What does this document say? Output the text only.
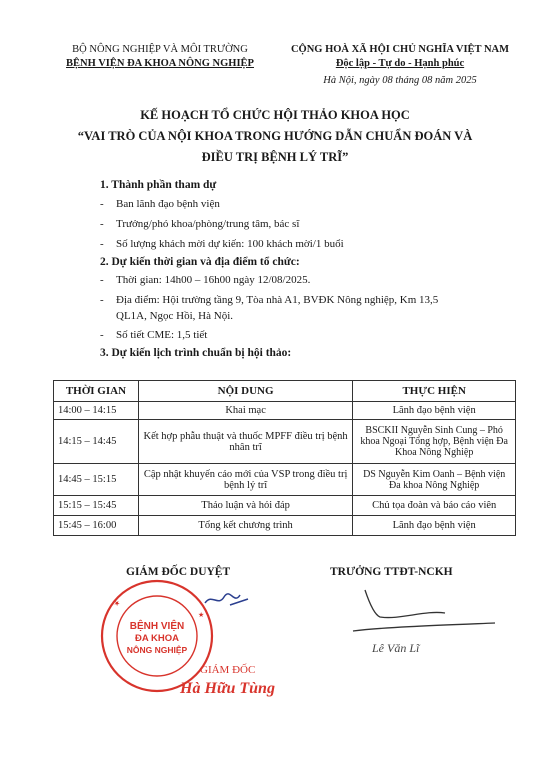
BỘ NÔNG NGHIỆP VÀ MÔI TRƯỜNG
BỆNH VIỆN ĐA KHOA NÔNG NGHIỆP
CỘNG HOÀ XÃ HỘI CHỦ NGHĨA VIỆT NAM
Độc lập - Tự do - Hạnh phúc
Hà Nội, ngày 08 tháng 08 năm 2025
KẾ HOẠCH TỔ CHỨC HỘI THẢO KHOA HỌC
“VAI TRÒ CỦA NỘI KHOA TRONG HƯỚNG DẪN CHUẨN ĐOÁN VÀ
ĐIỀU TRỊ BỆNH LÝ TRĨ”
1. Thành phần tham dự
- Ban lãnh đạo bệnh viện
- Trưởng/phó khoa/phòng/trung tâm, bác sĩ
- Số lượng khách mời dự kiến: 100 khách mời/1 buổi
2. Dự kiến thời gian và địa điểm tổ chức:
- Thời gian: 14h00 – 16h00 ngày 12/08/2025.
- Địa điểm: Hội trường tầng 9, Tòa nhà A1, BVĐK Nông nghiệp, Km 13,5
QL1A, Ngọc Hồi, Hà Nội.
- Số tiết CME: 1,5 tiết
3. Dự kiến lịch trình chuẩn bị hội thảo:
THỜI GIAN	NỘI DUNG	THỰC HIỆN
14:00 – 14:15	Khai mạc	Lãnh đạo bệnh viện
14:15 – 14:45	Kết hợp phẫu thuật và thuốc MPFF điều trị bệnh nhân trĩ	BSCKII Nguyễn Sinh Cung – Phó khoa Ngoại Tổng hợp, Bệnh viện Đa Khoa Nông Nghiệp
14:45 – 15:15	Cập nhật khuyến cáo mới của VSP trong điều trị bệnh lý trĩ	DS Nguyễn Kim Oanh – Bệnh viện Đa khoa Nông Nghiệp
15:15 – 15:45	Thảo luận và hỏi đáp	Chủ tọa đoàn và báo cáo viên
15:45 – 16:00	Tổng kết chương trình	Lãnh đạo bệnh viện
GIÁM ĐỐC DUYỆT	TRƯỞNG TTĐT-NCKH
BỆNH VIỆN
ĐA KHOA
NÔNG NGHIỆP
★
★
GIÁM ĐỐC
Hà Hữu Tùng
Lê Văn Lĩ
